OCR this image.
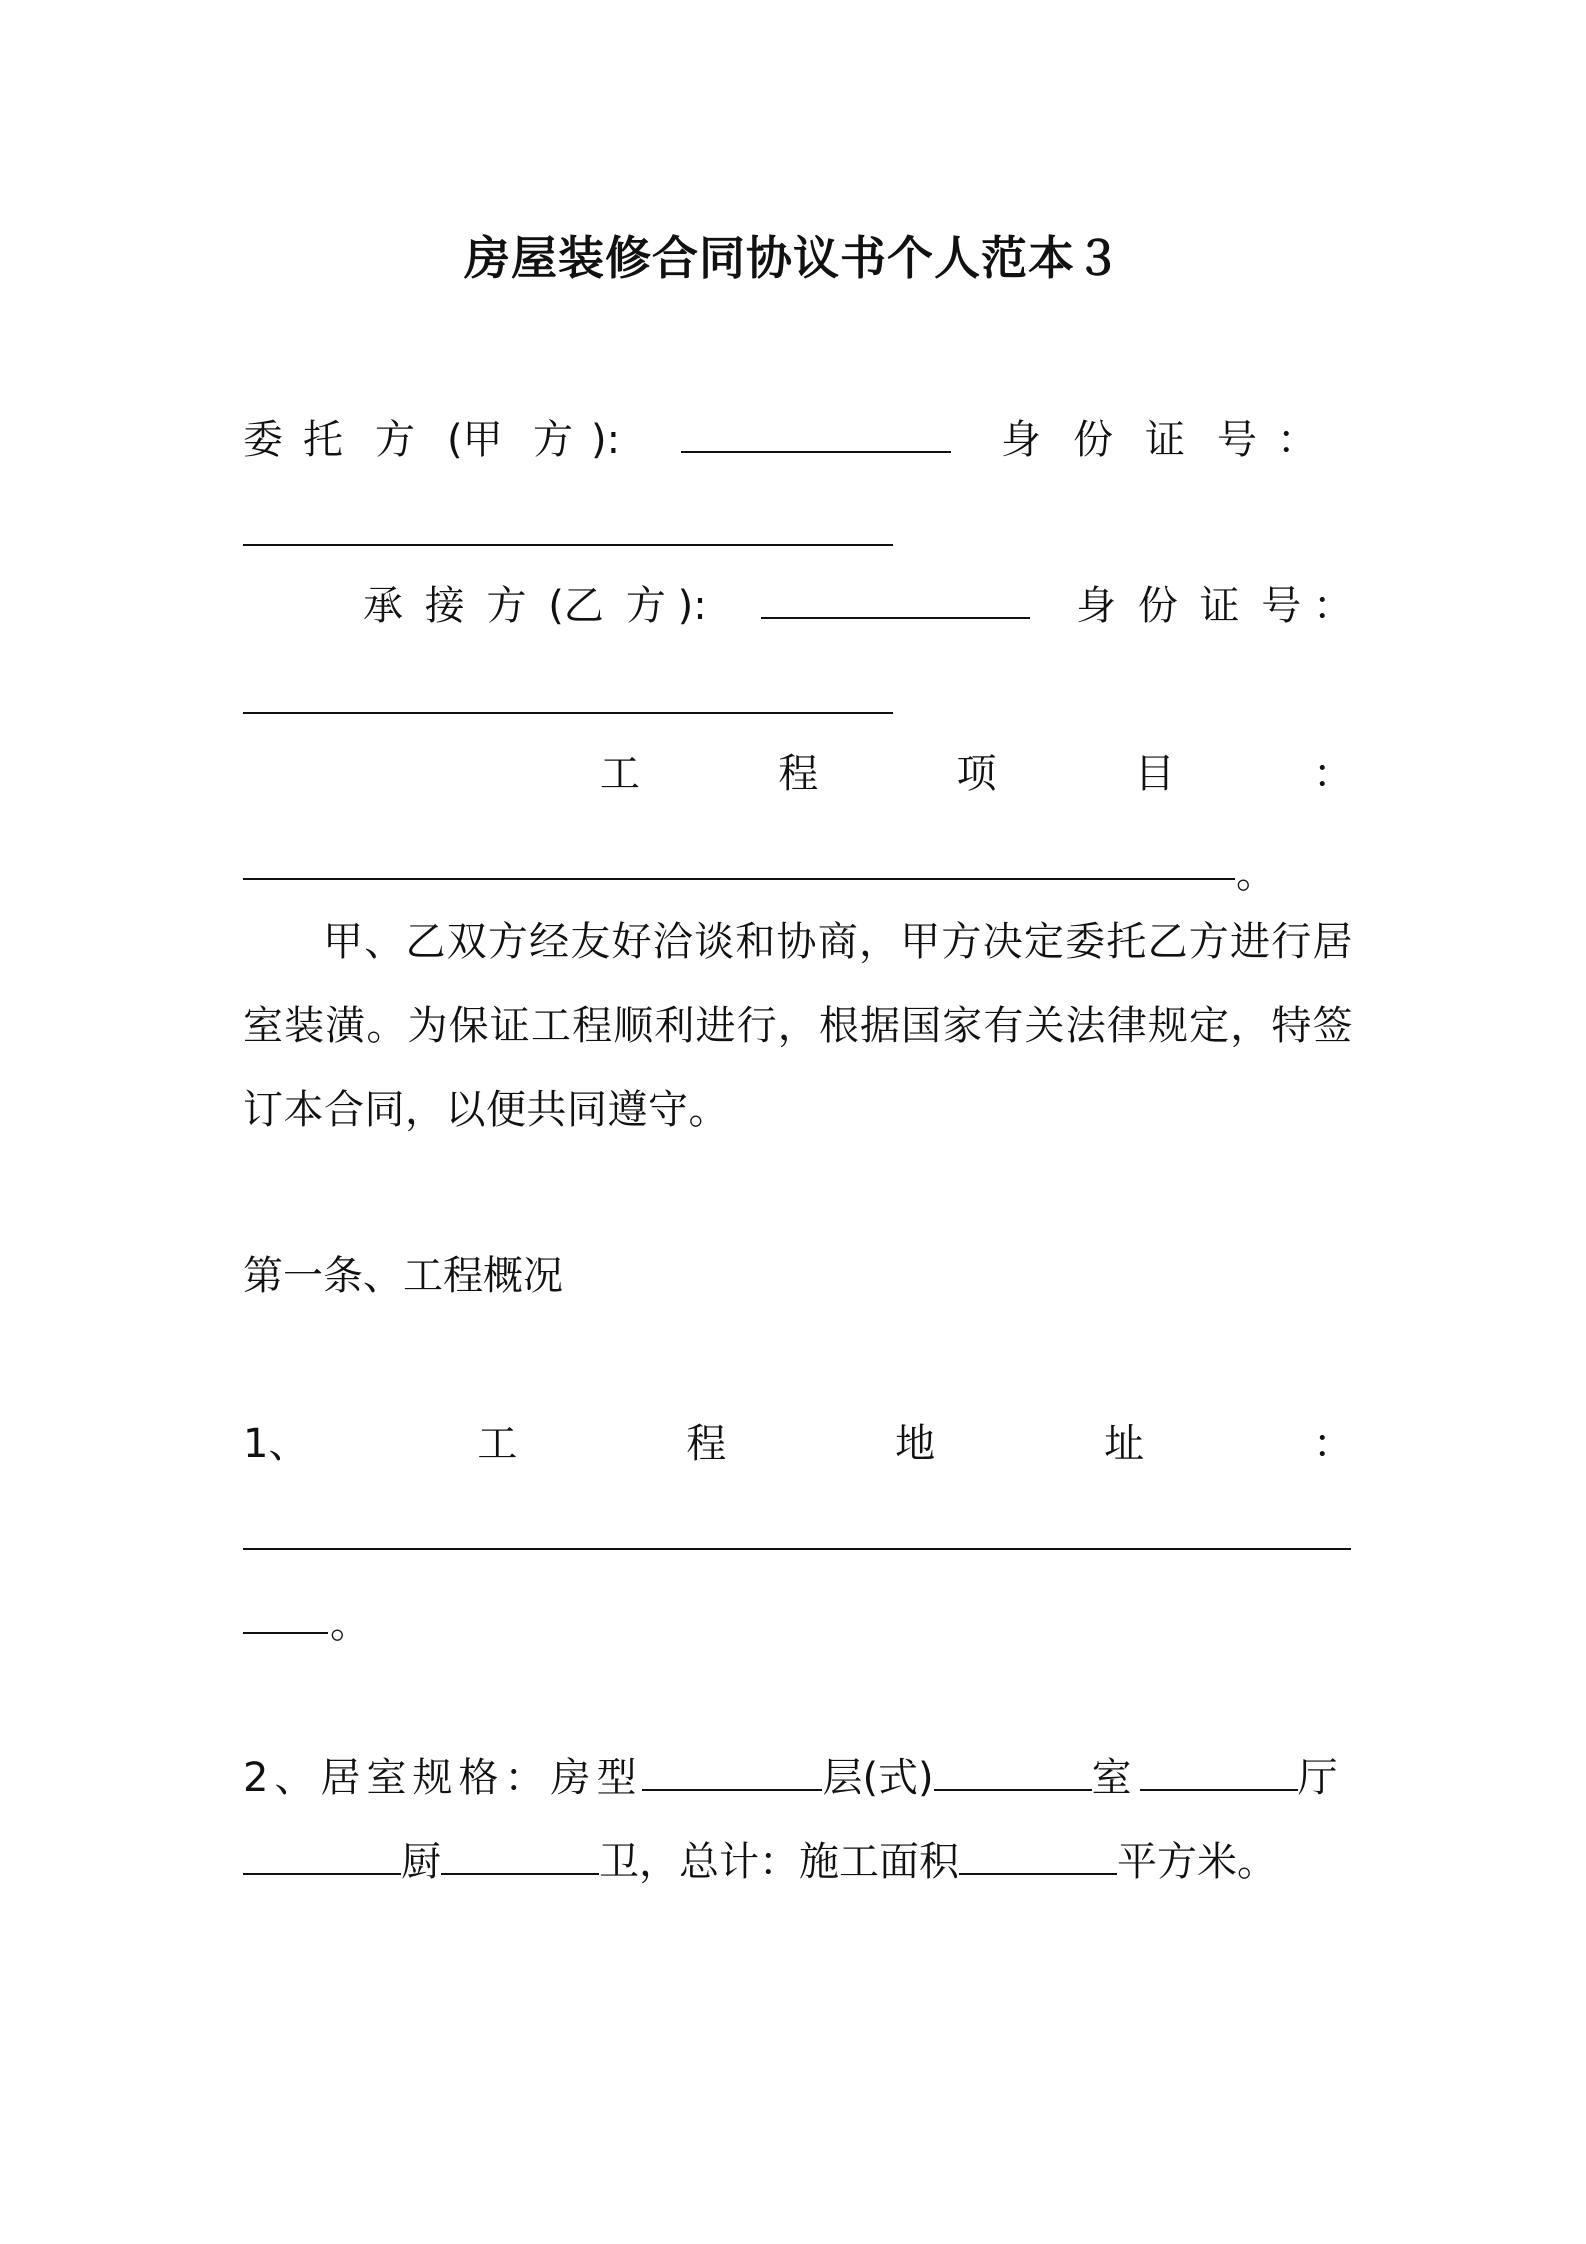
房屋装修合同协议书个人范本３
委 托 方 (甲 方 ):	身 份 证 号 ：
承 接 方 (乙 方 ):	身 份 证 号 ：
工	程	项	目	：
。
甲、乙双方经友好洽谈和协商，甲方决定委托乙方进行居室装潢。为保证工程顺利进行，根据国家有关法律规定，特签订本合同，以便共同遵守。
第一条、工程概况
1、	工	程	地	址	：
。
2、居室规格：房型	层(式)	室	厅
厨	卫，总计：施工面积	平方米。
